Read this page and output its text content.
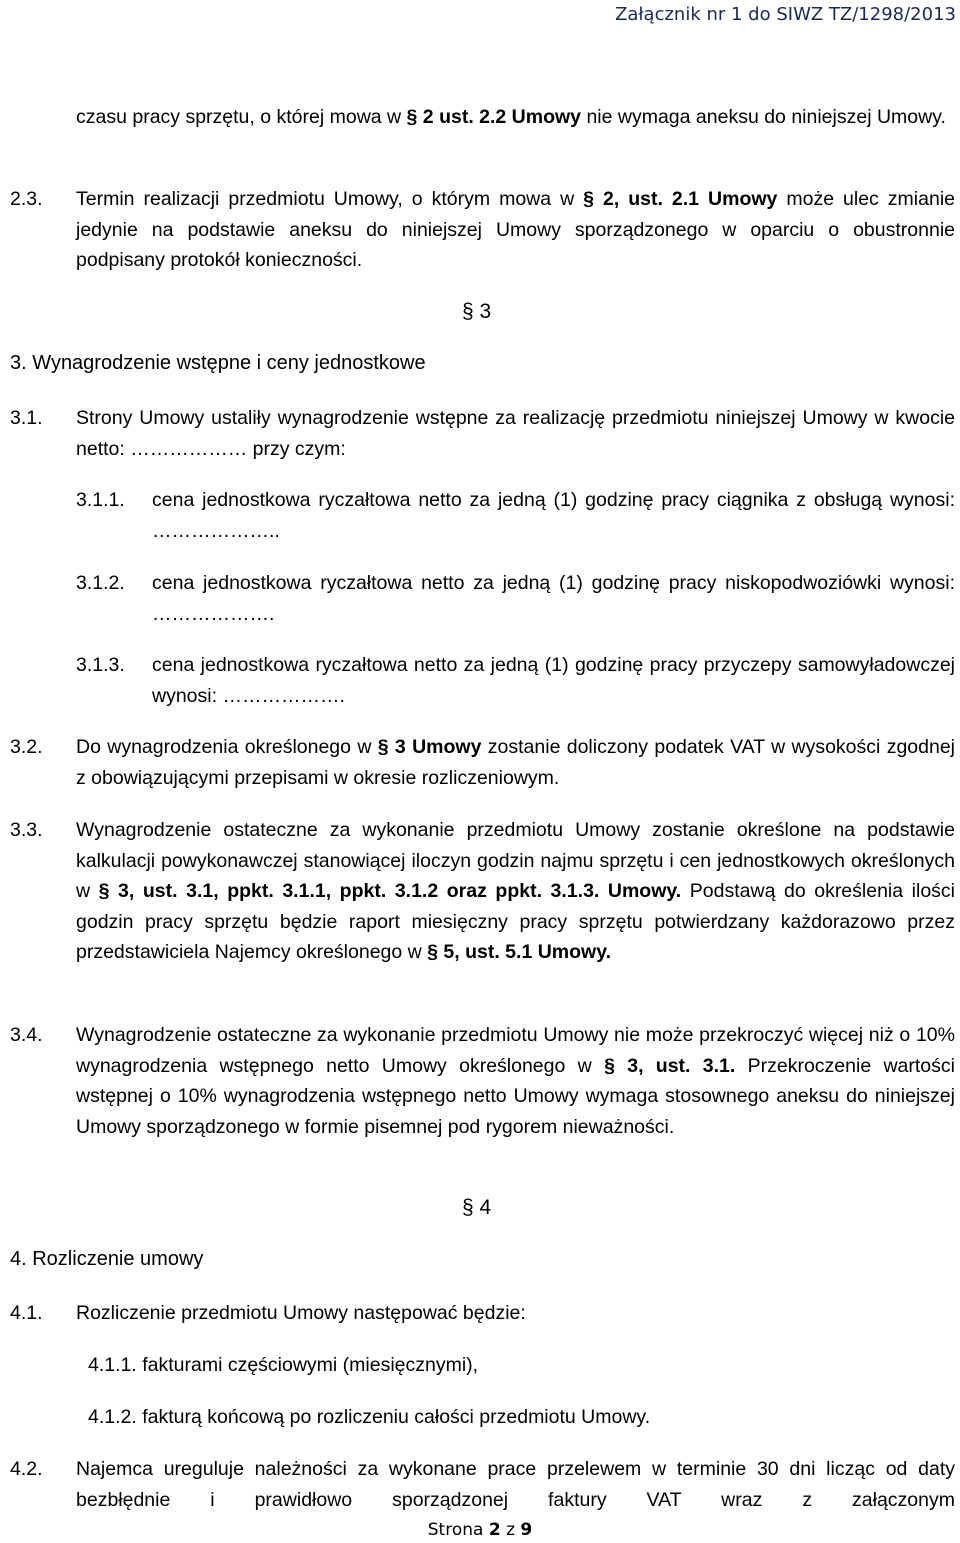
Załącznik nr 1 do SIWZ TZ/1298/2013
czasu pracy sprzętu, o której mowa w § 2 ust. 2.2 Umowy nie wymaga aneksu do niniejszej Umowy.
2.3. Termin realizacji przedmiotu Umowy, o którym mowa w § 2, ust. 2.1 Umowy może ulec zmianie jedynie na podstawie aneksu do niniejszej Umowy sporządzonego w oparciu o obustronnie podpisany protokół konieczności.
§ 3
3. Wynagrodzenie wstępne i ceny jednostkowe
3.1. Strony Umowy ustaliły wynagrodzenie wstępne za realizację przedmiotu niniejszej Umowy w kwocie netto: ……………… przy czym:
3.1.1. cena jednostkowa ryczałtowa netto za jedną (1) godzinę pracy ciągnika z obsługą wynosi: ………………..
3.1.2. cena jednostkowa ryczałtowa netto za jedną (1) godzinę pracy niskopodwoziówki wynosi: ……………….
3.1.3. cena jednostkowa ryczałtowa netto za jedną (1) godzinę pracy przyczepy samowyładowczej wynosi: ……………….
3.2. Do wynagrodzenia określonego w § 3 Umowy zostanie doliczony podatek VAT w wysokości zgodnej z obowiązującymi przepisami w okresie rozliczeniowym.
3.3. Wynagrodzenie ostateczne za wykonanie przedmiotu Umowy zostanie określone na podstawie kalkulacji powykonawczej stanowiącej iloczyn godzin najmu sprzętu i cen jednostkowych określonych w § 3, ust. 3.1, ppkt. 3.1.1, ppkt. 3.1.2 oraz ppkt. 3.1.3. Umowy. Podstawą do określenia ilości godzin pracy sprzętu będzie raport miesięczny pracy sprzętu potwierdzany każdorazowo przez przedstawiciela Najemcy określonego w § 5, ust. 5.1 Umowy.
3.4. Wynagrodzenie ostateczne za wykonanie przedmiotu Umowy nie może przekroczyć więcej niż o 10% wynagrodzenia wstępnego netto Umowy określonego w § 3, ust. 3.1. Przekroczenie wartości wstępnej o 10% wynagrodzenia wstępnego netto Umowy wymaga stosownego aneksu do niniejszej Umowy sporządzonego w formie pisemnej pod rygorem nieważności.
§ 4
4. Rozliczenie umowy
4.1. Rozliczenie przedmiotu Umowy następować będzie:
4.1.1. fakturami częściowymi (miesięcznymi),
4.1.2. fakturą końcową po rozliczeniu całości przedmiotu Umowy.
4.2. Najemca ureguluje należności za wykonane prace przelewem w terminie 30 dni licząc od daty bezbłędnie i prawidłowo sporządzonej faktury VAT wraz z załączonym
Strona 2 z 9
